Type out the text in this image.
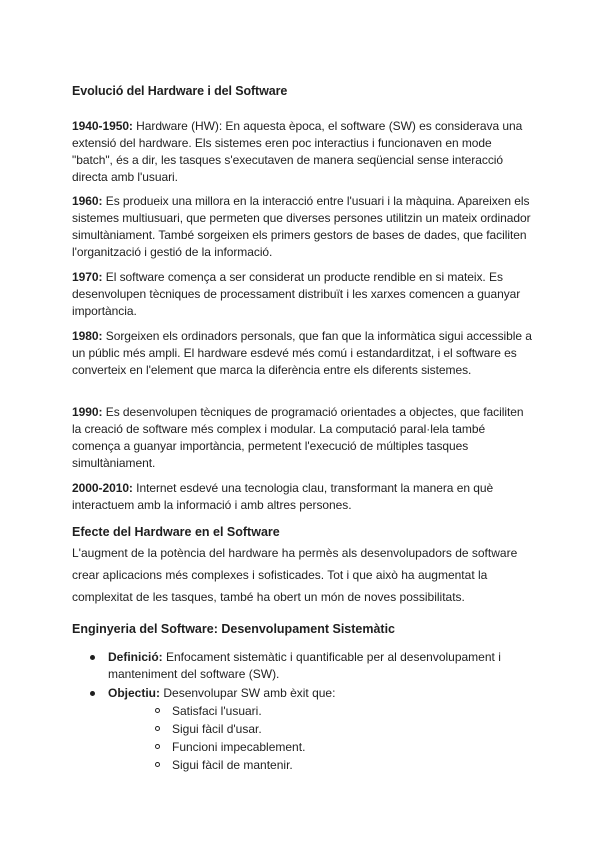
Evolució del Hardware i del Software
1940-1950: Hardware (HW): En aquesta època, el software (SW) es considerava una extensió del hardware. Els sistemes eren poc interactius i funcionaven en mode "batch", és a dir, les tasques s'executaven de manera seqüencial sense interacció directa amb l'usuari.
1960: Es produeix una millora en la interacció entre l'usuari i la màquina. Apareixen els sistemes multiusuari, que permeten que diverses persones utilitzin un mateix ordinador simultàniament. També sorgeixen els primers gestors de bases de dades, que faciliten l'organització i gestió de la informació.
1970: El software comença a ser considerat un producte rendible en si mateix. Es desenvolupen tècniques de processament distribuït i les xarxes comencen a guanyar importància.
1980: Sorgeixen els ordinadors personals, que fan que la informàtica sigui accessible a un públic més ampli. El hardware esdevé més comú i estandarditzat, i el software es converteix en l'element que marca la diferència entre els diferents sistemes.
1990: Es desenvolupen tècniques de programació orientades a objectes, que faciliten la creació de software més complex i modular. La computació paral·lela també comença a guanyar importància, permetent l'execució de múltiples tasques simultàniament.
2000-2010: Internet esdevé una tecnologia clau, transformant la manera en què interactuem amb la informació i amb altres persones.
Efecte del Hardware en el Software
L'augment de la potència del hardware ha permès als desenvolupadors de software crear aplicacions més complexes i sofisticades. Tot i que això ha augmentat la complexitat de les tasques, també ha obert un món de noves possibilitats.
Enginyeria del Software: Desenvolupament Sistemàtic
Definició: Enfocament sistemàtic i quantificable per al desenvolupament i manteniment del software (SW).
Objectiu: Desenvolupar SW amb èxit que:
Satisfaci l'usuari.
Sigui fàcil d'usar.
Funcioni impecablement.
Sigui fàcil de mantenir.
